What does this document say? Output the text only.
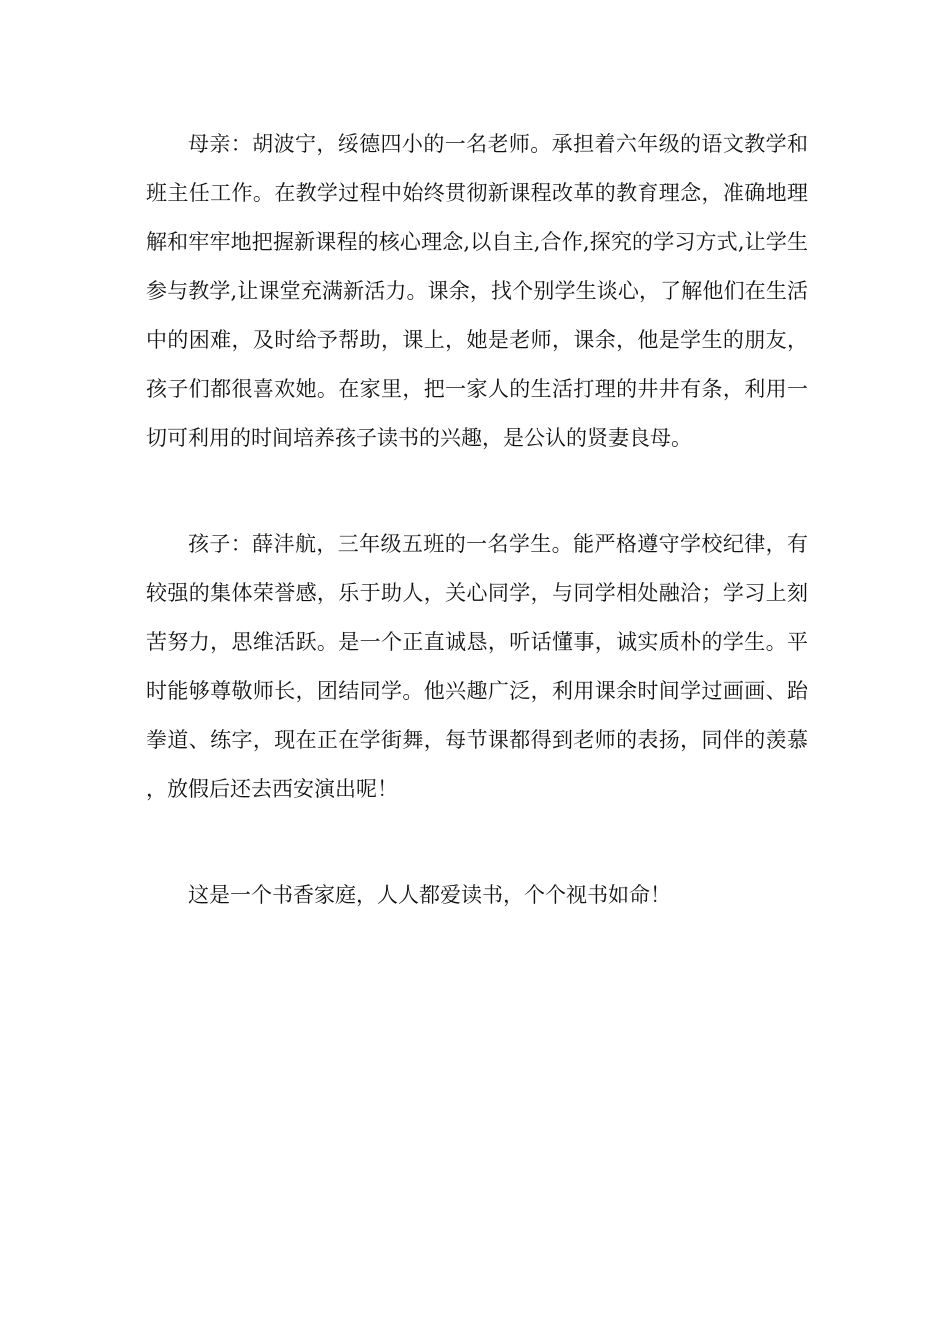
母亲：胡波宁，绥德四小的一名老师。承担着六年级的语文教学和班主任工作。在教学过程中始终贯彻新课程改革的教育理念，准确地理解和牢牢地把握新课程的核心理念,以自主,合作,探究的学习方式,让学生参与教学,让课堂充满新活力。课余，找个别学生谈心，了解他们在生活中的困难，及时给予帮助，课上，她是老师，课余，他是学生的朋友，孩子们都很喜欢她。在家里，把一家人的生活打理的井井有条，利用一切可利用的时间培养孩子读书的兴趣，是公认的贤妻良母。

孩子：薛沣航，三年级五班的一名学生。能严格遵守学校纪律，有较强的集体荣誉感，乐于助人，关心同学，与同学相处融洽；学习上刻苦努力，思维活跃。是一个正直诚恳，听话懂事，诚实质朴的学生。平时能够尊敬师长，团结同学。他兴趣广泛，利用课余时间学过画画、跆拳道、练字，现在正在学街舞，每节课都得到老师的表扬，同伴的羡慕，放假后还去西安演出呢！

这是一个书香家庭，人人都爱读书，个个视书如命！
